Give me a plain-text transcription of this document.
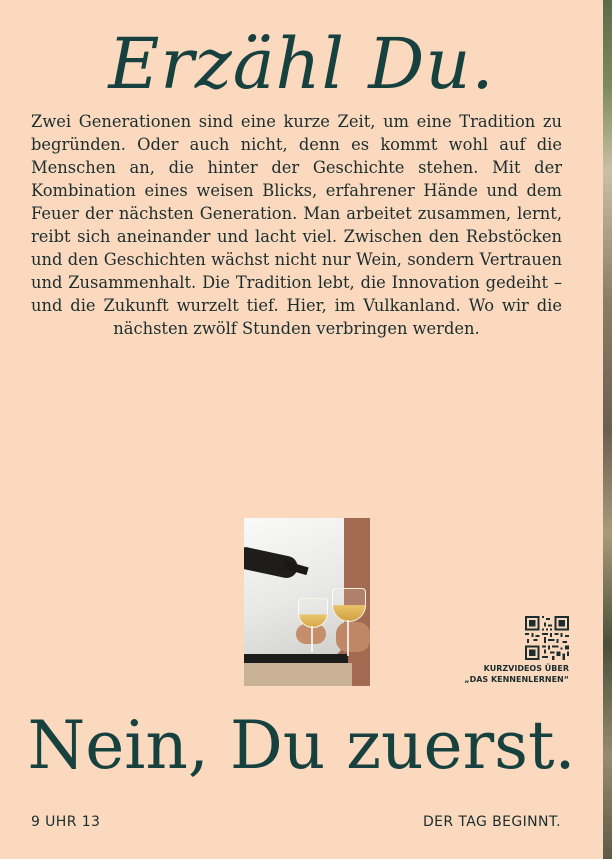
Erzähl Du.

Zwei Generationen sind eine kurze Zeit, um eine Tradition zu begründen. Oder auch nicht, denn es kommt wohl auf die Menschen an, die hinter der Geschichte stehen. Mit der Kombination eines weisen Blicks, erfahrener Hände und dem Feuer der nächsten Generation. Man arbeitet zusammen, lernt, reibt sich aneinander und lacht viel. Zwischen den Rebstöcken und den Geschichten wächst nicht nur Wein, sondern Vertrauen und Zusammenhalt. Die Tradition lebt, die Innovation gedeiht – und die Zukunft wurzelt tief. Hier, im Vulkanland. Wo wir die nächsten zwölf Stunden verbringen werden.

KURZVIDEOS ÜBER
„DAS KENNENLERNEN“
Nein, Du zuerst.
9 UHR 13	DER TAG BEGINNT.
